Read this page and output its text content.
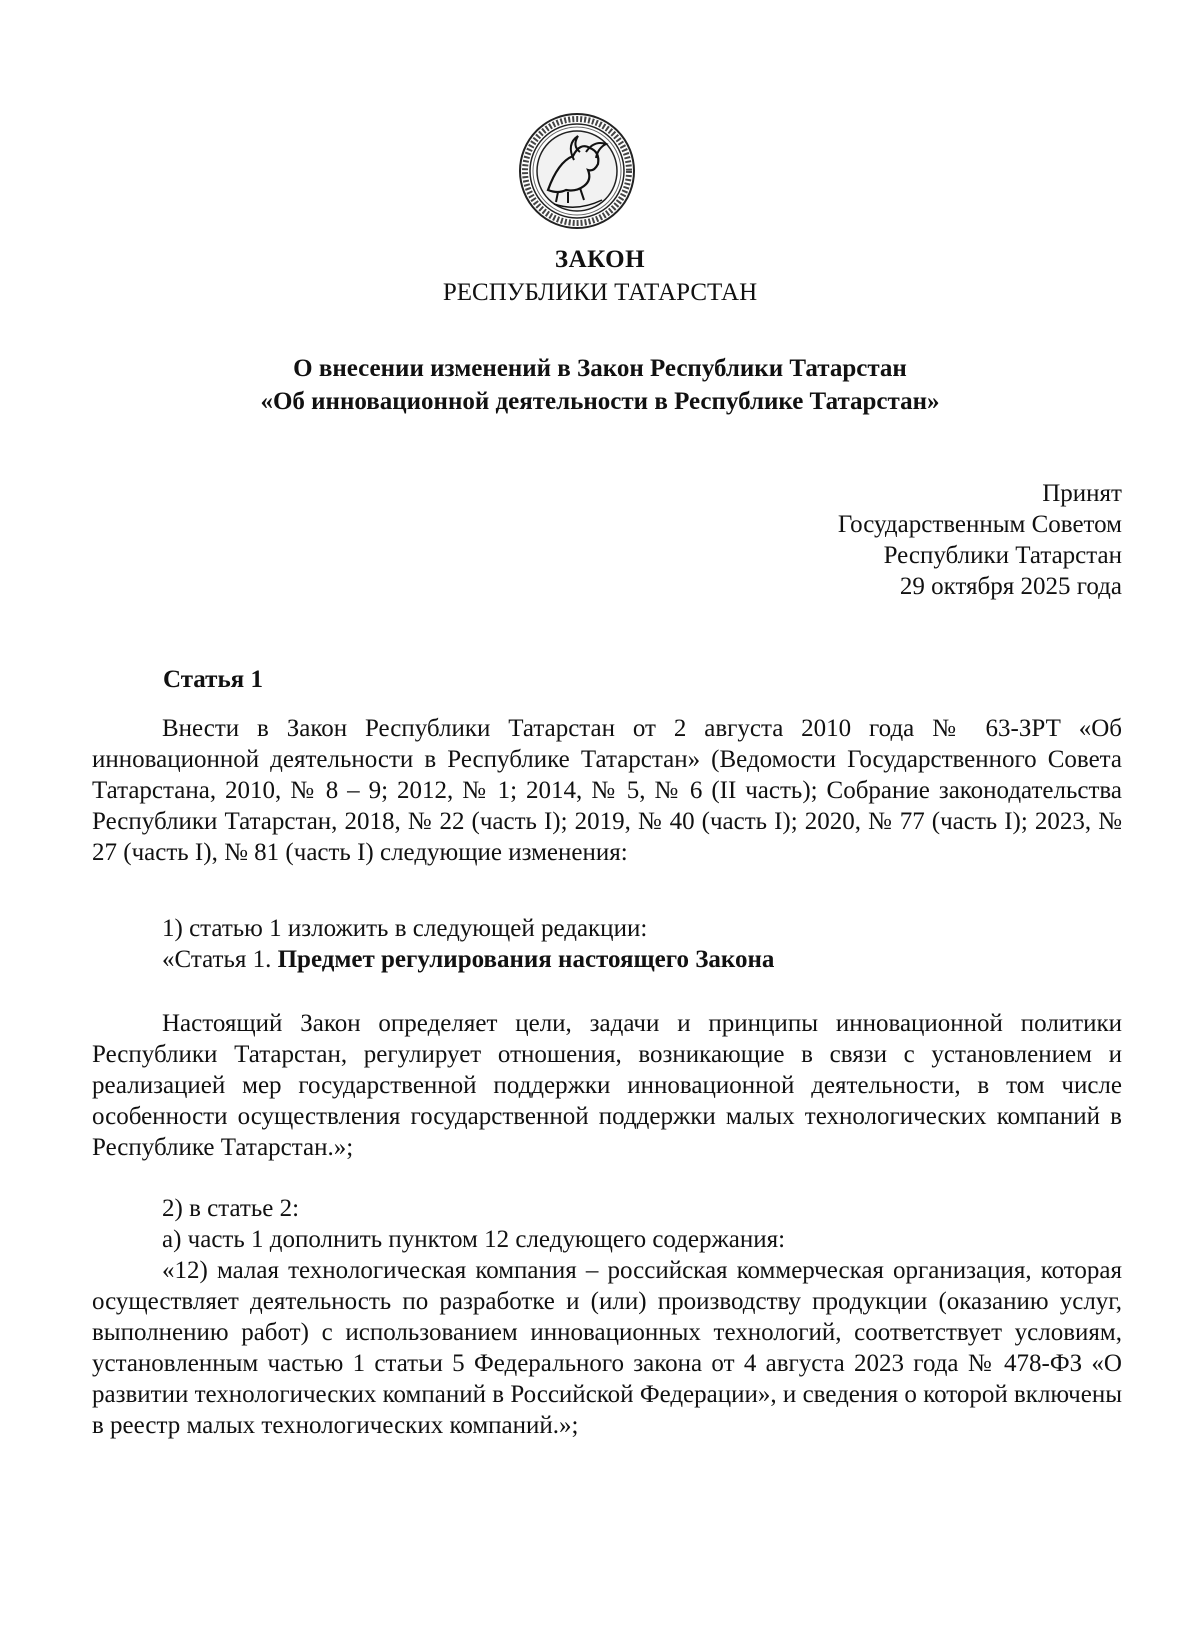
ЗАКОН
РЕСПУБЛИКИ ТАТАРСТАН
О внесении изменений в Закон Республики Татарстан
«Об инновационной деятельности в Республике Татарстан»
Принят
Государственным Советом
Республики Татарстан
29 октября 2025 года
Статья 1

Внести в Закон Республики Татарстан от 2 августа 2010 года № 63-ЗРТ «Об инновационной деятельности в Республике Татарстан» (Ведомости Государственного Совета Татарстана, 2010, № 8 – 9; 2012, № 1; 2014, № 5, № 6 (II часть); Собрание законодательства Республики Татарстан, 2018, № 22 (часть I); 2019, № 40 (часть I); 2020, № 77 (часть I); 2023, № 27 (часть I), № 81 (часть I) следующие изменения:

1) статью 1 изложить в следующей редакции:
«Статья 1. Предмет регулирования настоящего Закона

Настоящий Закон определяет цели, задачи и принципы инновационной политики Республики Татарстан, регулирует отношения, возникающие в связи с установлением и реализацией мер государственной поддержки инновационной деятельности, в том числе особенности осуществления государственной поддержки малых технологических компаний в Республике Татарстан.»;

2) в статье 2:
а) часть 1 дополнить пунктом 12 следующего содержания:

«12) малая технологическая компания – российская коммерческая организация, которая осуществляет деятельность по разработке и (или) производству продукции (оказанию услуг, выполнению работ) с использованием инновационных технологий, соответствует условиям, установленным частью 1 статьи 5 Федерального закона от 4 августа 2023 года № 478-ФЗ «О развитии технологических компаний в Российской Федерации», и сведения о которой включены в реестр малых технологических компаний.»;
